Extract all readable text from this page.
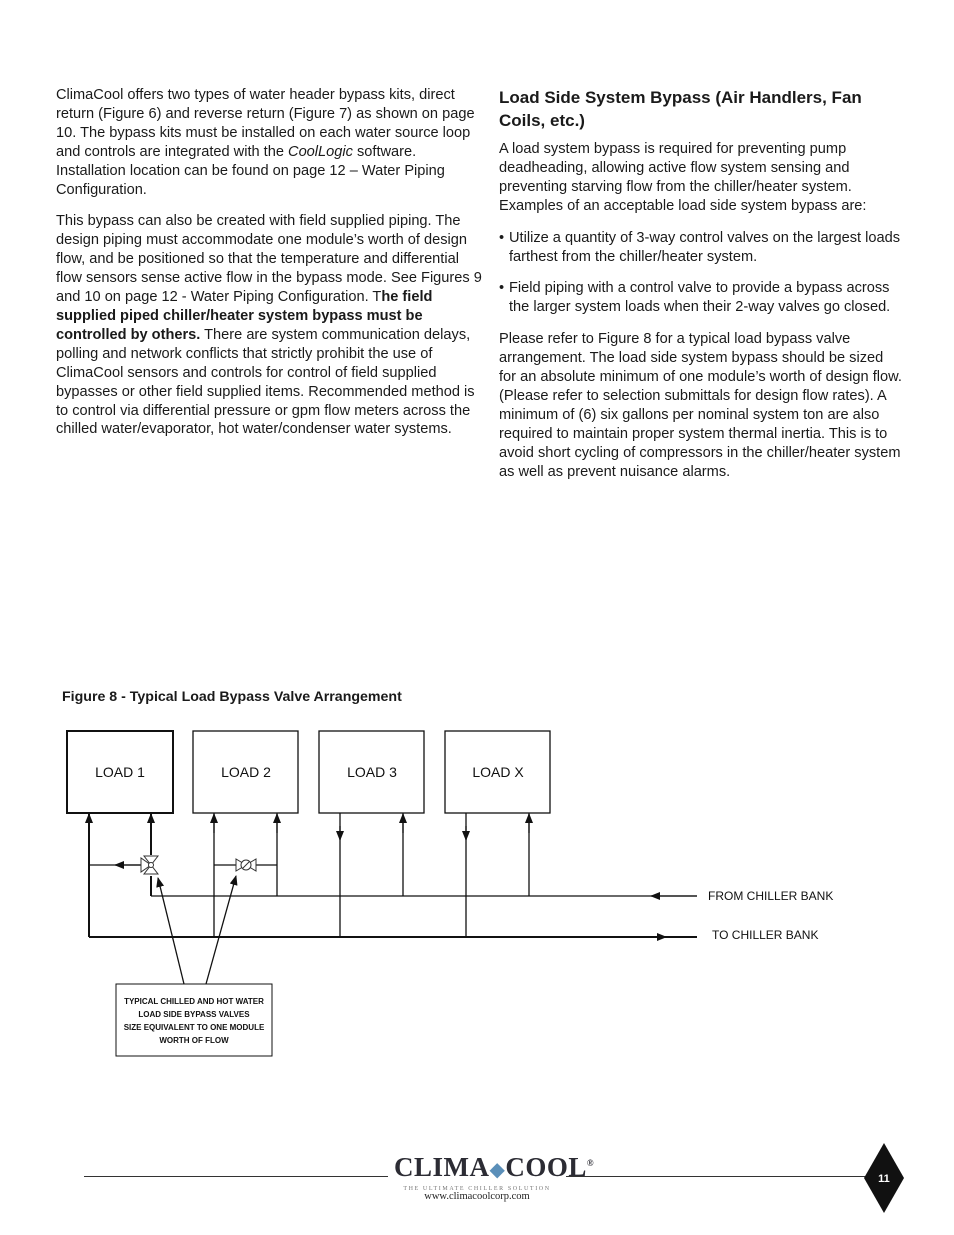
ClimaCool offers two types of water header bypass kits, direct return (Figure 6) and reverse return (Figure 7) as shown on page 10. The bypass kits must be installed on each water source loop and controls are integrated with the CoolLogic software. Installation location can be found on page 12 – Water Piping Configuration.

This bypass can also be created with field supplied piping. The design piping must accommodate one module’s worth of design flow, and be positioned so that the temperature and differential flow sensors sense active flow in the bypass mode. See Figures 9 and 10 on page 12 - Water Piping Configuration. The field supplied piped chiller/heater system bypass must be controlled by others. There are system communication delays, polling and network conflicts that strictly prohibit the use of ClimaCool sensors and controls for control of field supplied bypasses or other field supplied items. Recommended method is to control via differential pressure or gpm flow meters across the chilled water/evaporator, hot water/condenser water systems.

Load Side System Bypass (Air Handlers, Fan Coils, etc.)

A load system bypass is required for preventing pump deadheading, allowing active flow system sensing and preventing starving flow from the chiller/heater system. Examples of an acceptable load side system bypass are:

• Utilize a quantity of 3-way control valves on the largest loads farthest from the chiller/heater system.
• Field piping with a control valve to provide a bypass across the larger system loads when their 2-way valves go closed.

Please refer to Figure 8 for a typical load bypass valve arrangement. The load side system bypass should be sized for an absolute minimum of one module’s worth of design flow. (Please refer to selection submittals for design flow rates). A minimum of (6) six gallons per nominal system ton are also required to maintain proper system thermal inertia. This is to avoid short cycling of compressors in the chiller/heater system as well as prevent nuisance alarms.

Figure 8 - Typical Load Bypass Valve Arrangement
LOAD 1	LOAD 2	LOAD 3	LOAD X
FROM CHILLER BANK
TO CHILLER BANK
TYPICAL CHILLED AND HOT WATER
LOAD SIDE BYPASS VALVES
SIZE EQUIVALENT TO ONE MODULE
WORTH OF FLOW
CLIMA◆COOL®
THE ULTIMATE CHILLER SOLUTION
www.climacoolcorp.com
11
